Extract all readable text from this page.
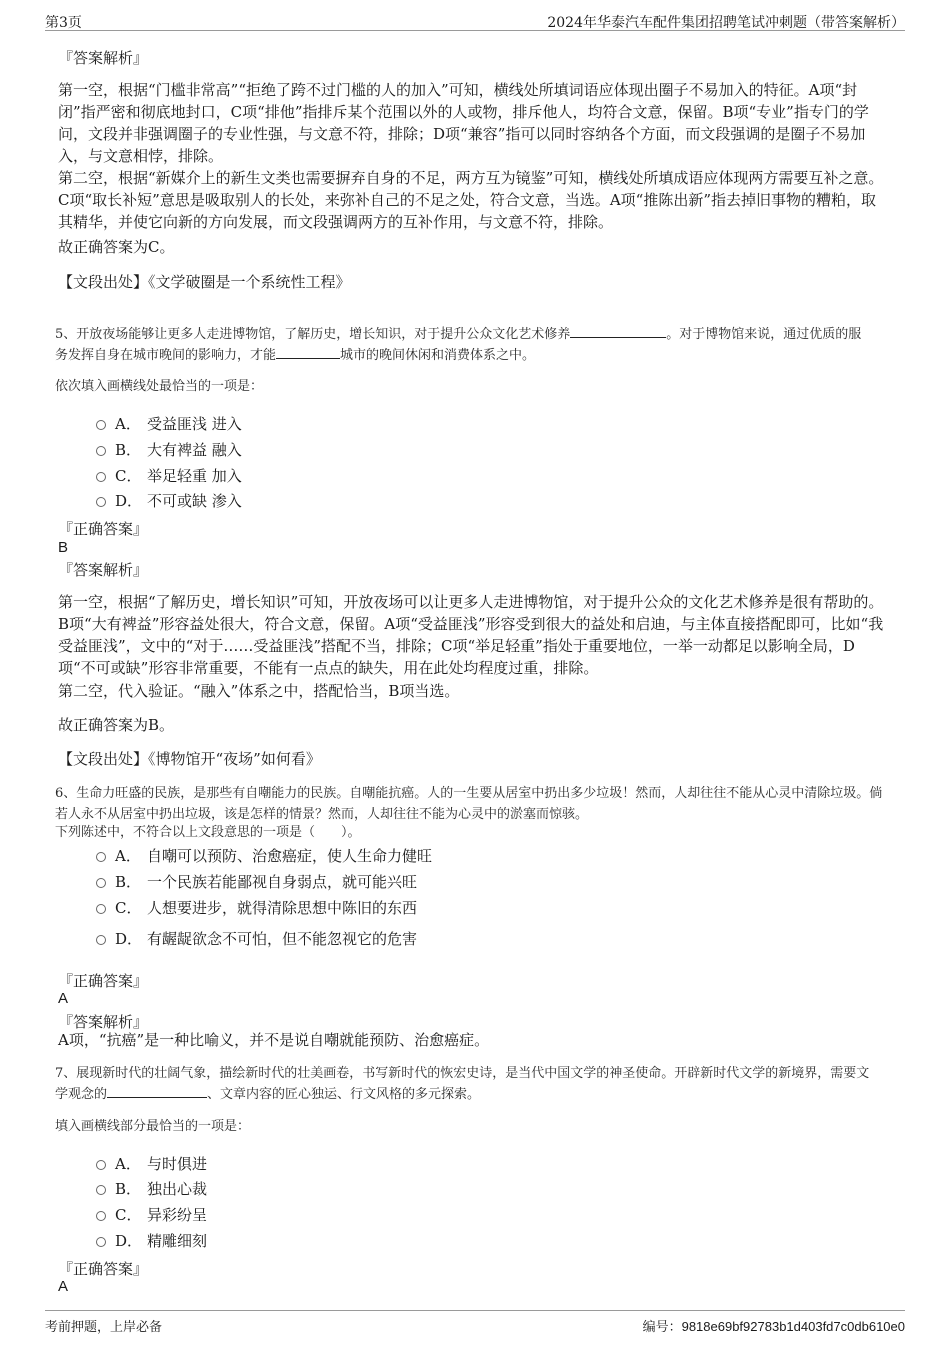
第3页	2024年华泰汽车配件集团招聘笔试冲刺题（带答案解析）
『答案解析』
第一空，根据“门槛非常高”“拒绝了跨不过门槛的人的加入”可知，横线处所填词语应体现出圈子不易加入的特征。A项“封闭”指严密和彻底地封口，C项“排他”指排斥某个范围以外的人或物，排斥他人，均符合文意，保留。B项“专业”指专门的学问，文段并非强调圈子的专业性强，与文意不符，排除；D项“兼容”指可以同时容纳各个方面，而文段强调的是圈子不易加入，与文意相悖，排除。
第二空，根据“新媒介上的新生文类也需要摒弃自身的不足，两方互为镜鉴”可知，横线处所填成语应体现两方需要互补之意。C项“取长补短”意思是吸取别人的长处，来弥补自己的不足之处，符合文意，当选。A项“推陈出新”指去掉旧事物的糟粕，取其精华，并使它向新的方向发展，而文段强调两方的互补作用，与文意不符，排除。
故正确答案为C。
【文段出处】《文学破圈是一个系统性工程》
5、开放夜场能够让更多人走进博物馆，了解历史，增长知识，对于提升公众文化艺术修养	。对于博物馆来说，通过优质的服
务发挥自身在城市晚间的影响力，才能	城市的晚间休闲和消费体系之中。
依次填入画横线处最恰当的一项是：
A． 受益匪浅 进入
B． 大有裨益 融入
C． 举足轻重 加入
D． 不可或缺 渗入
『正确答案』
B
『答案解析』
第一空，根据“了解历史，增长知识”可知，开放夜场可以让更多人走进博物馆，对于提升公众的文化艺术修养是很有帮助的。B项“大有裨益”形容益处很大，符合文意，保留。A项“受益匪浅”形容受到很大的益处和启迪，与主体直接搭配即可，比如“我受益匪浅”，文中的“对于……受益匪浅”搭配不当，排除；C项“举足轻重”指处于重要地位，一举一动都足以影响全局，D项“不可或缺”形容非常重要，不能有一点点的缺失，用在此处均程度过重，排除。
第二空，代入验证。“融入”体系之中，搭配恰当，B项当选。
故正确答案为B。
【文段出处】《博物馆开“夜场”如何看》
6、生命力旺盛的民族，是那些有自嘲能力的民族。自嘲能抗癌。人的一生要从居室中扔出多少垃圾！然而，人却往往不能从心灵中清除垃圾。倘若人永不从居室中扔出垃圾，该是怎样的情景？然而，人却往往不能为心灵中的淤塞而惊骇。
下列陈述中，不符合以上文段意思的一项是（　　）。
A． 自嘲可以预防、治愈癌症，使人生命力健旺
B． 一个民族若能鄙视自身弱点，就可能兴旺
C． 人想要进步，就得清除思想中陈旧的东西
D． 有龌龊欲念不可怕，但不能忽视它的危害
『正确答案』
A
『答案解析』
A项，“抗癌”是一种比喻义，并不是说自嘲就能预防、治愈癌症。
7、展现新时代的壮阔气象，描绘新时代的壮美画卷，书写新时代的恢宏史诗，是当代中国文学的神圣使命。开辟新时代文学的新境界，需要文
学观念的	、文章内容的匠心独运、行文风格的多元探索。
填入画横线部分最恰当的一项是：
A． 与时俱进
B． 独出心裁
C． 异彩纷呈
D． 精雕细刻
『正确答案』
A
考前押题，上岸必备	编号：9818e69bf92783b1d403fd7c0db610e0
